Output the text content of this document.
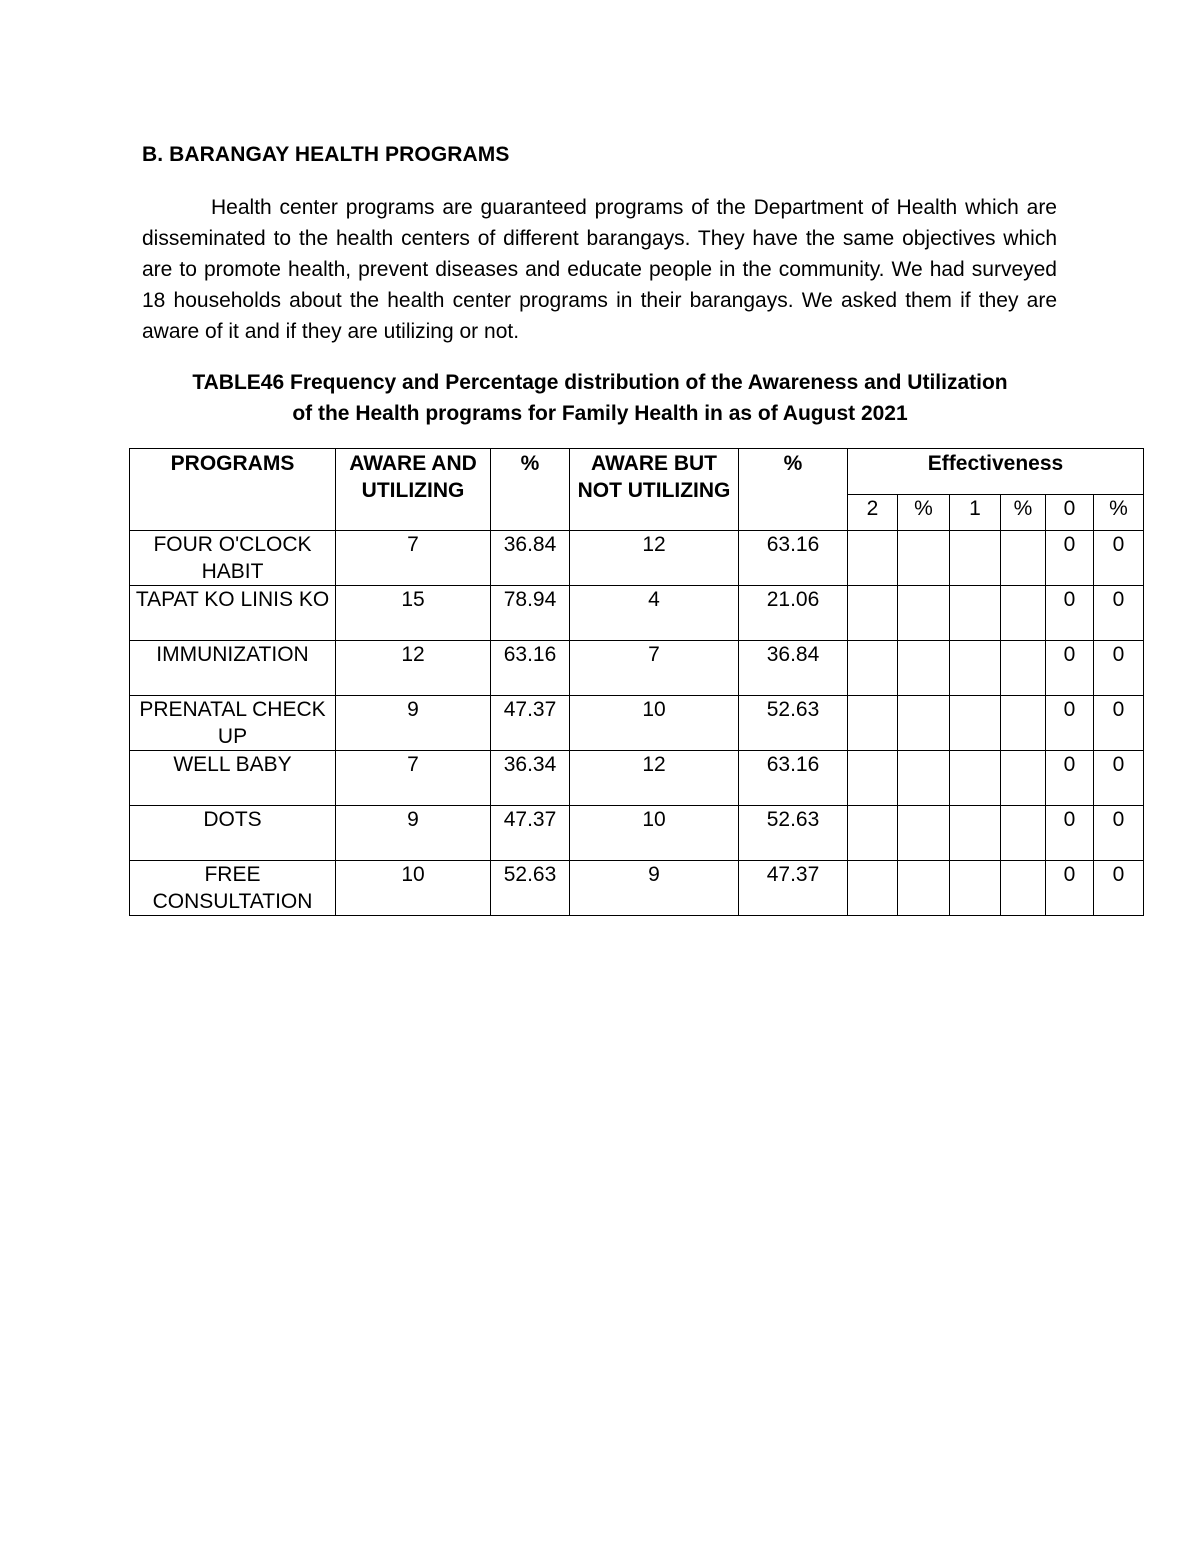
B. BARANGAY HEALTH PROGRAMS

Health center programs are guaranteed programs of the Department of Health which are disseminated to the health centers of different barangays. They have the same objectives which are to promote health, prevent diseases and educate people in the community. We had surveyed 18 households about the health center programs in their barangays. We asked them if they are aware of it and if they are utilizing or not.

TABLE46 Frequency and Percentage distribution of the Awareness and Utilization
of the Health programs for Family Health in as of August 2021
PROGRAMS	AWARE AND UTILIZING	%	AWARE BUT NOT UTILIZING	%	Effectiveness					
					2	%	1	%	0	%
FOUR O'CLOCK HABIT	7	36.84	12	63.16					0	0
TAPAT KO LINIS KO	15	78.94	4	21.06					0	0
IMMUNIZATION	12	63.16	7	36.84					0	0
PRENATAL CHECK UP	9	47.37	10	52.63					0	0
WELL BABY	7	36.34	12	63.16					0	0
DOTS	9	47.37	10	52.63					0	0
FREE CONSULTATION	10	52.63	9	47.37					0	0
